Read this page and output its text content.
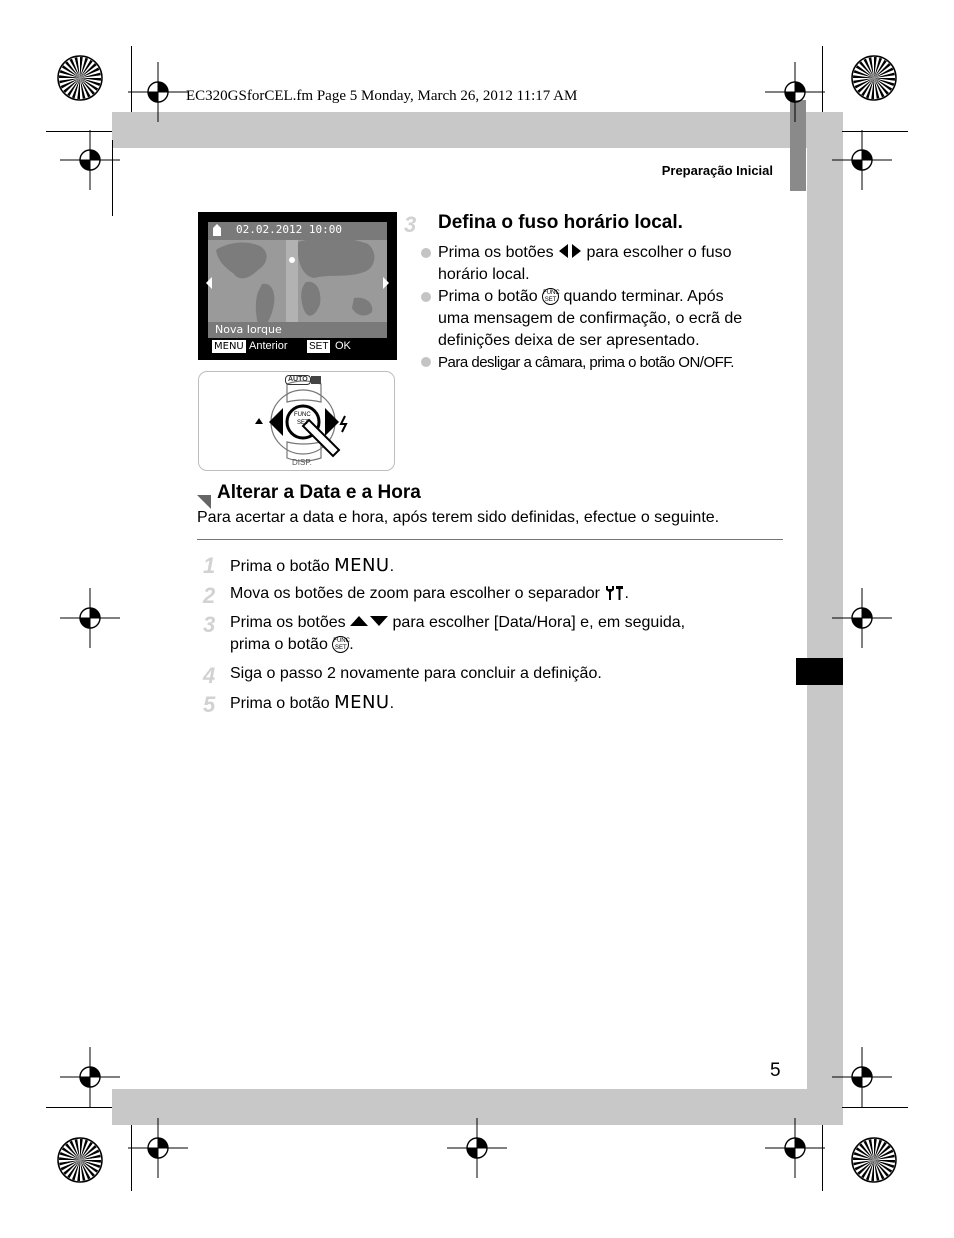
EC320GSforCEL.fm Page 5 Monday, March 26, 2012 11:17 AM
Preparação Inicial
02.02.2012 10:00
Nova Iorque
MENU Anterior SET OK
AUTO
DISP.
FUNC
SET
3 Defina o fuso horário local.
Prima os botões para escolher o fuso
horário local.
Prima o botão FUNC
SET quando terminar. Após
uma mensagem de confirmação, o ecrã de
definições deixa de ser apresentado.
Para desligar a câmara, prima o botão ON/OFF.
Alterar a Data e a Hora
Para acertar a data e hora, após terem sido definidas, efectue o seguinte.
1 Prima o botão MENU.
2 Mova os botões de zoom para escolher o separador .
3 Prima os botões	para escolher [Data/Hora] e, em seguida,
prima o botão FUNC
SET .
4 Siga o passo 2 novamente para concluir a definição.
5 Prima o botão MENU.
5
